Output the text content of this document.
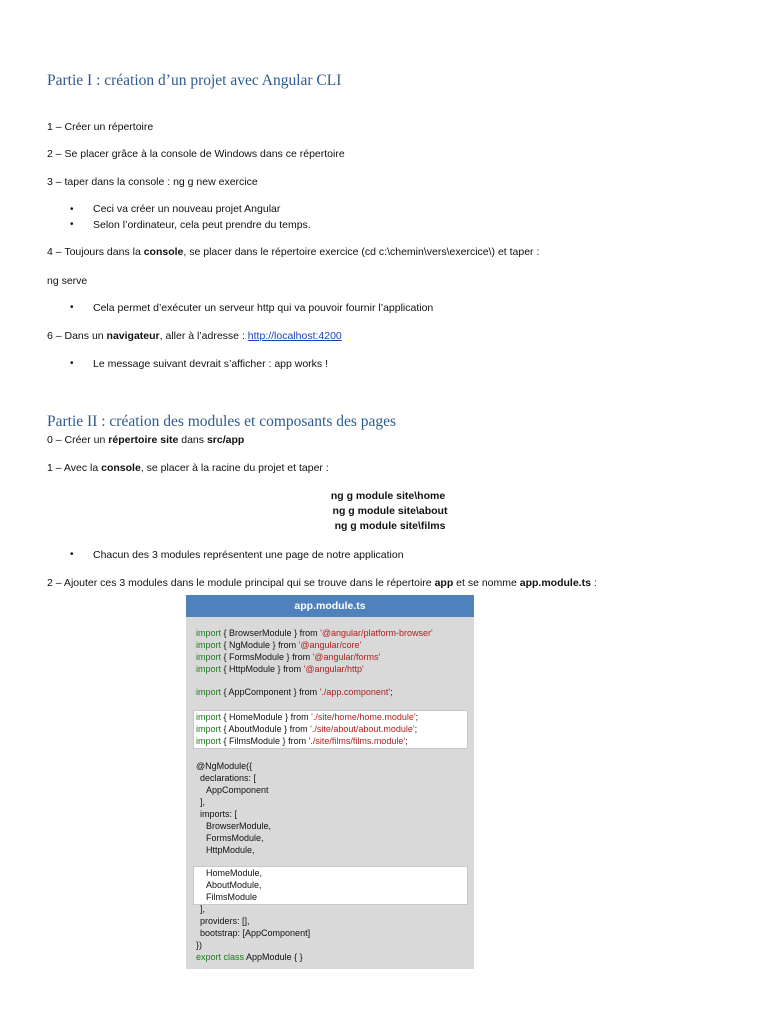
Partie I : création d’un projet avec Angular CLI
1 – Créer un répertoire
2 – Se placer grâce à la console de Windows dans ce répertoire
3 – taper dans la console : ng g new exercice
• Ceci va créer un nouveau projet Angular
• Selon l’ordinateur, cela peut prendre du temps.
4 – Toujours dans la console, se placer dans le répertoire exercice (cd c:\chemin\vers\exercice\) et taper :
ng serve
• Cela permet d’exécuter un serveur http qui va pouvoir fournir l’application
6 – Dans un navigateur, aller à l’adresse : http://localhost:4200
• Le message suivant devrait s’afficher : app works !
Partie II : création des modules et composants des pages
0 – Créer un répertoire site dans src/app
1 – Avec la console, se placer à la racine du projet et taper :
ng g module site\home
ng g module site\about
ng g module site\films
• Chacun des 3 modules représentent une page de notre application
2 – Ajouter ces 3 modules dans le module principal qui se trouve dans le répertoire app et se nomme app.module.ts :
app.module.ts
import { BrowserModule } from '@angular/platform-browser'
import { NgModule } from '@angular/core'
import { FormsModule } from '@angular/forms'
import { HttpModule } from '@angular/http'
import { AppComponent } from './app.component';
import { HomeModule } from './site/home/home.module';
import { AboutModule } from './site/about/about.module';
import { FilmsModule } from './site/films/films.module';
@NgModule({
declarations: [
AppComponent
],
imports: [
BrowserModule,
FormsModule,
HttpModule,
HomeModule,
AboutModule,
FilmsModule
],
providers: [],
bootstrap: [AppComponent]
})
export class AppModule { }
